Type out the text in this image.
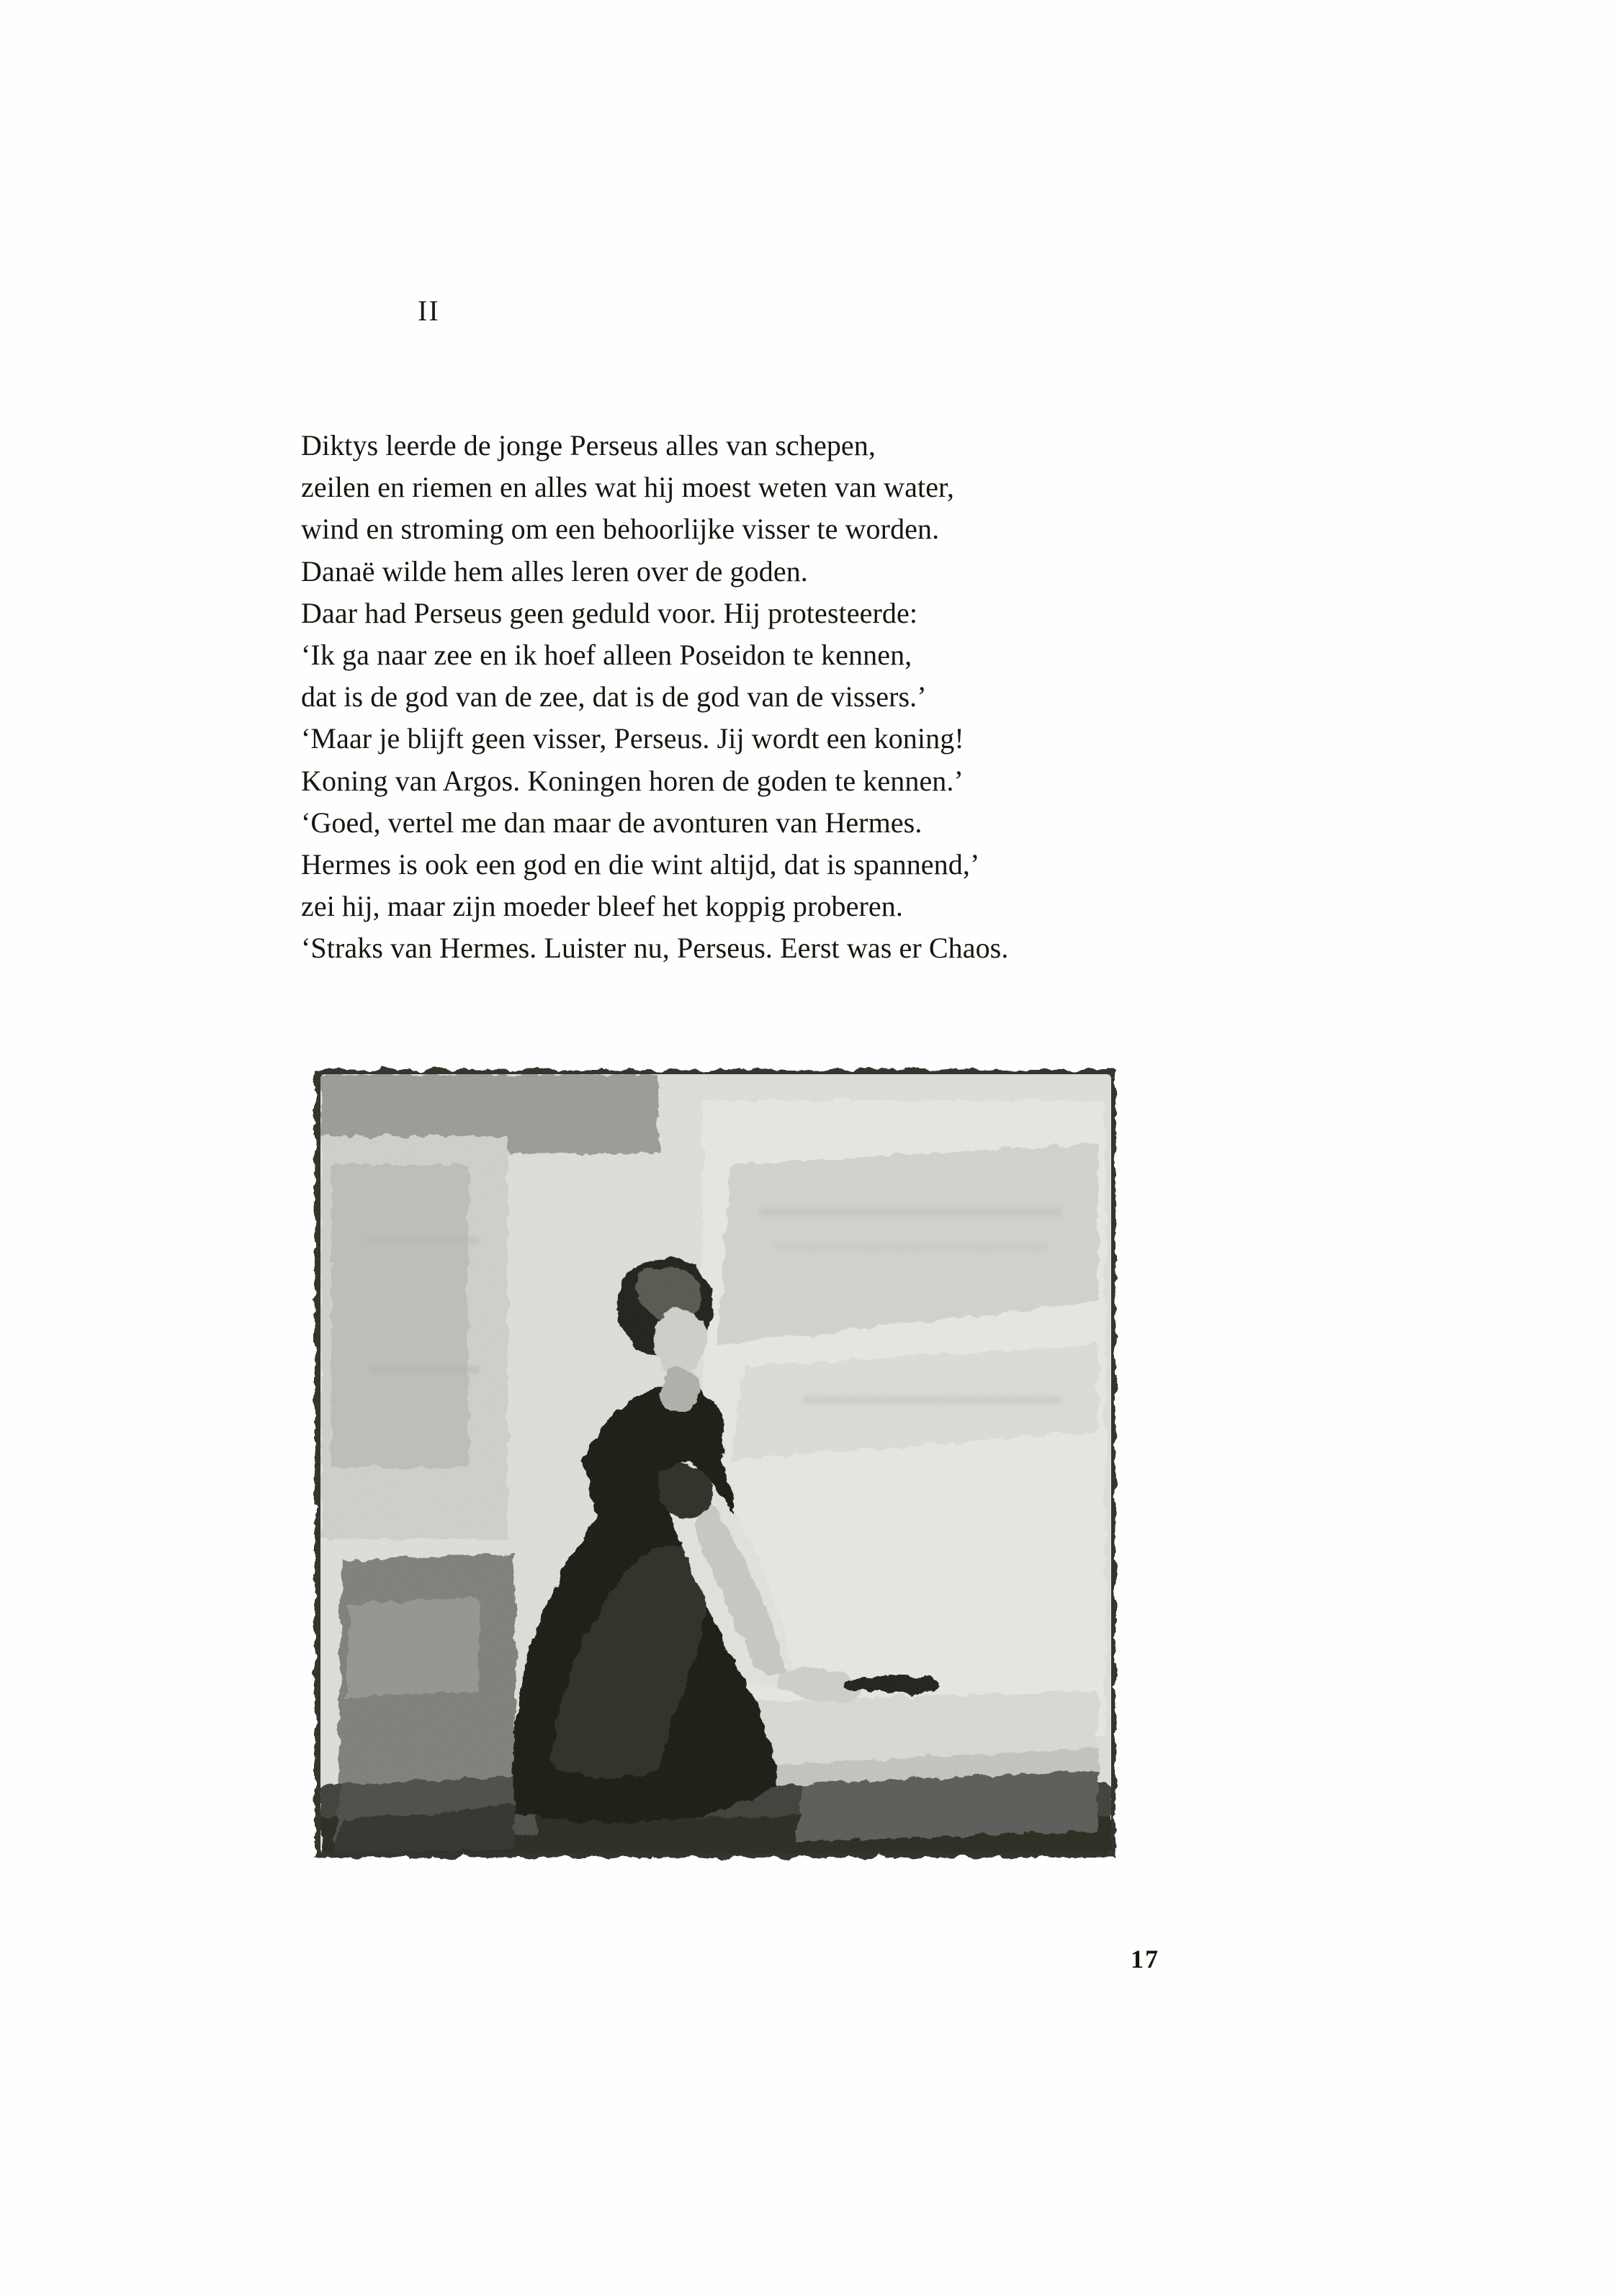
II
Diktys leerde de jonge Perseus alles van schepen,
zeilen en riemen en alles wat hij moest weten van water,
wind en stroming om een behoorlijke visser te worden.
Danaë wilde hem alles leren over de goden.
Daar had Perseus geen geduld voor. Hij protesteerde:
‘Ik ga naar zee en ik hoef alleen Poseidon te kennen,
dat is de god van de zee, dat is de god van de vissers.’
‘Maar je blijft geen visser, Perseus. Jij wordt een koning!
Koning van Argos. Koningen horen de goden te kennen.’
‘Goed, vertel me dan maar de avonturen van Hermes.
Hermes is ook een god en die wint altijd, dat is spannend,’
zei hij, maar zijn moeder bleef het koppig proberen.
‘Straks van Hermes. Luister nu, Perseus. Eerst was er Chaos.
17
